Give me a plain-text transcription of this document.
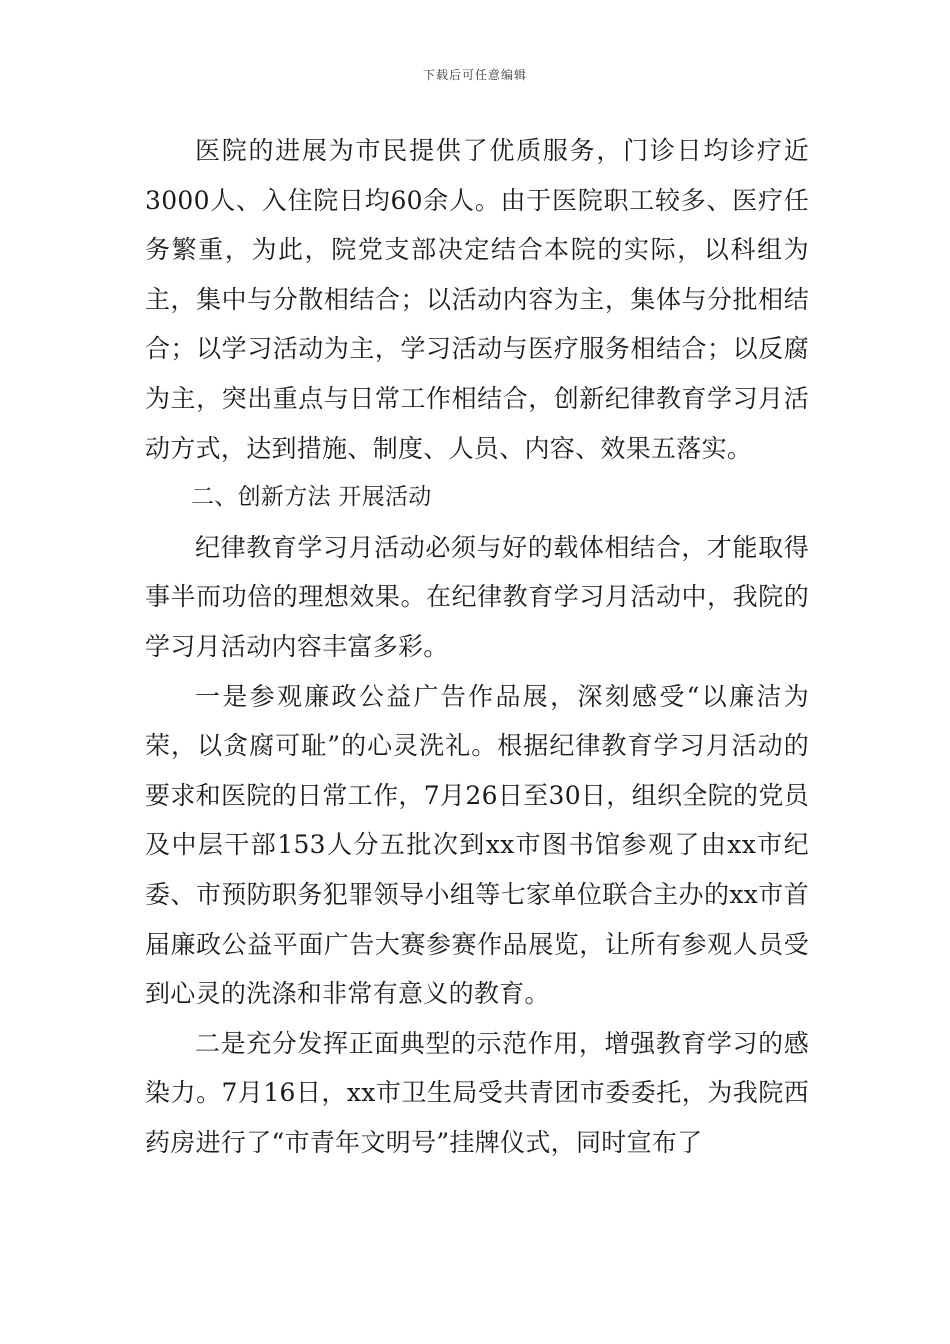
下载后可任意编辑

医院的进展为市民提供了优质服务，门诊日均诊疗近3000人、入住院日均60余人。由于医院职工较多、医疗任务繁重，为此，院党支部决定结合本院的实际，以科组为主，集中与分散相结合；以活动内容为主，集体与分批相结合；以学习活动为主，学习活动与医疗服务相结合；以反腐为主，突出重点与日常工作相结合，创新纪律教育学习月活动方式，达到措施、制度、人员、内容、效果五落实。

二、创新方法 开展活动

纪律教育学习月活动必须与好的载体相结合，才能取得事半而功倍的理想效果。在纪律教育学习月活动中，我院的学习月活动内容丰富多彩。

一是参观廉政公益广告作品展，深刻感受“以廉洁为荣，以贪腐可耻”的心灵洗礼。根据纪律教育学习月活动的要求和医院的日常工作，7月26日至30日，组织全院的党员及中层干部153人分五批次到xx市图书馆参观了由xx市纪委、市预防职务犯罪领导小组等七家单位联合主办的xx市首届廉政公益平面广告大赛参赛作品展览，让所有参观人员受到心灵的洗涤和非常有意义的教育。

二是充分发挥正面典型的示范作用，增强教育学习的感染力。7月16日，xx市卫生局受共青团市委委托，为我院西药房进行了“市青年文明号”挂牌仪式，同时宣布了
